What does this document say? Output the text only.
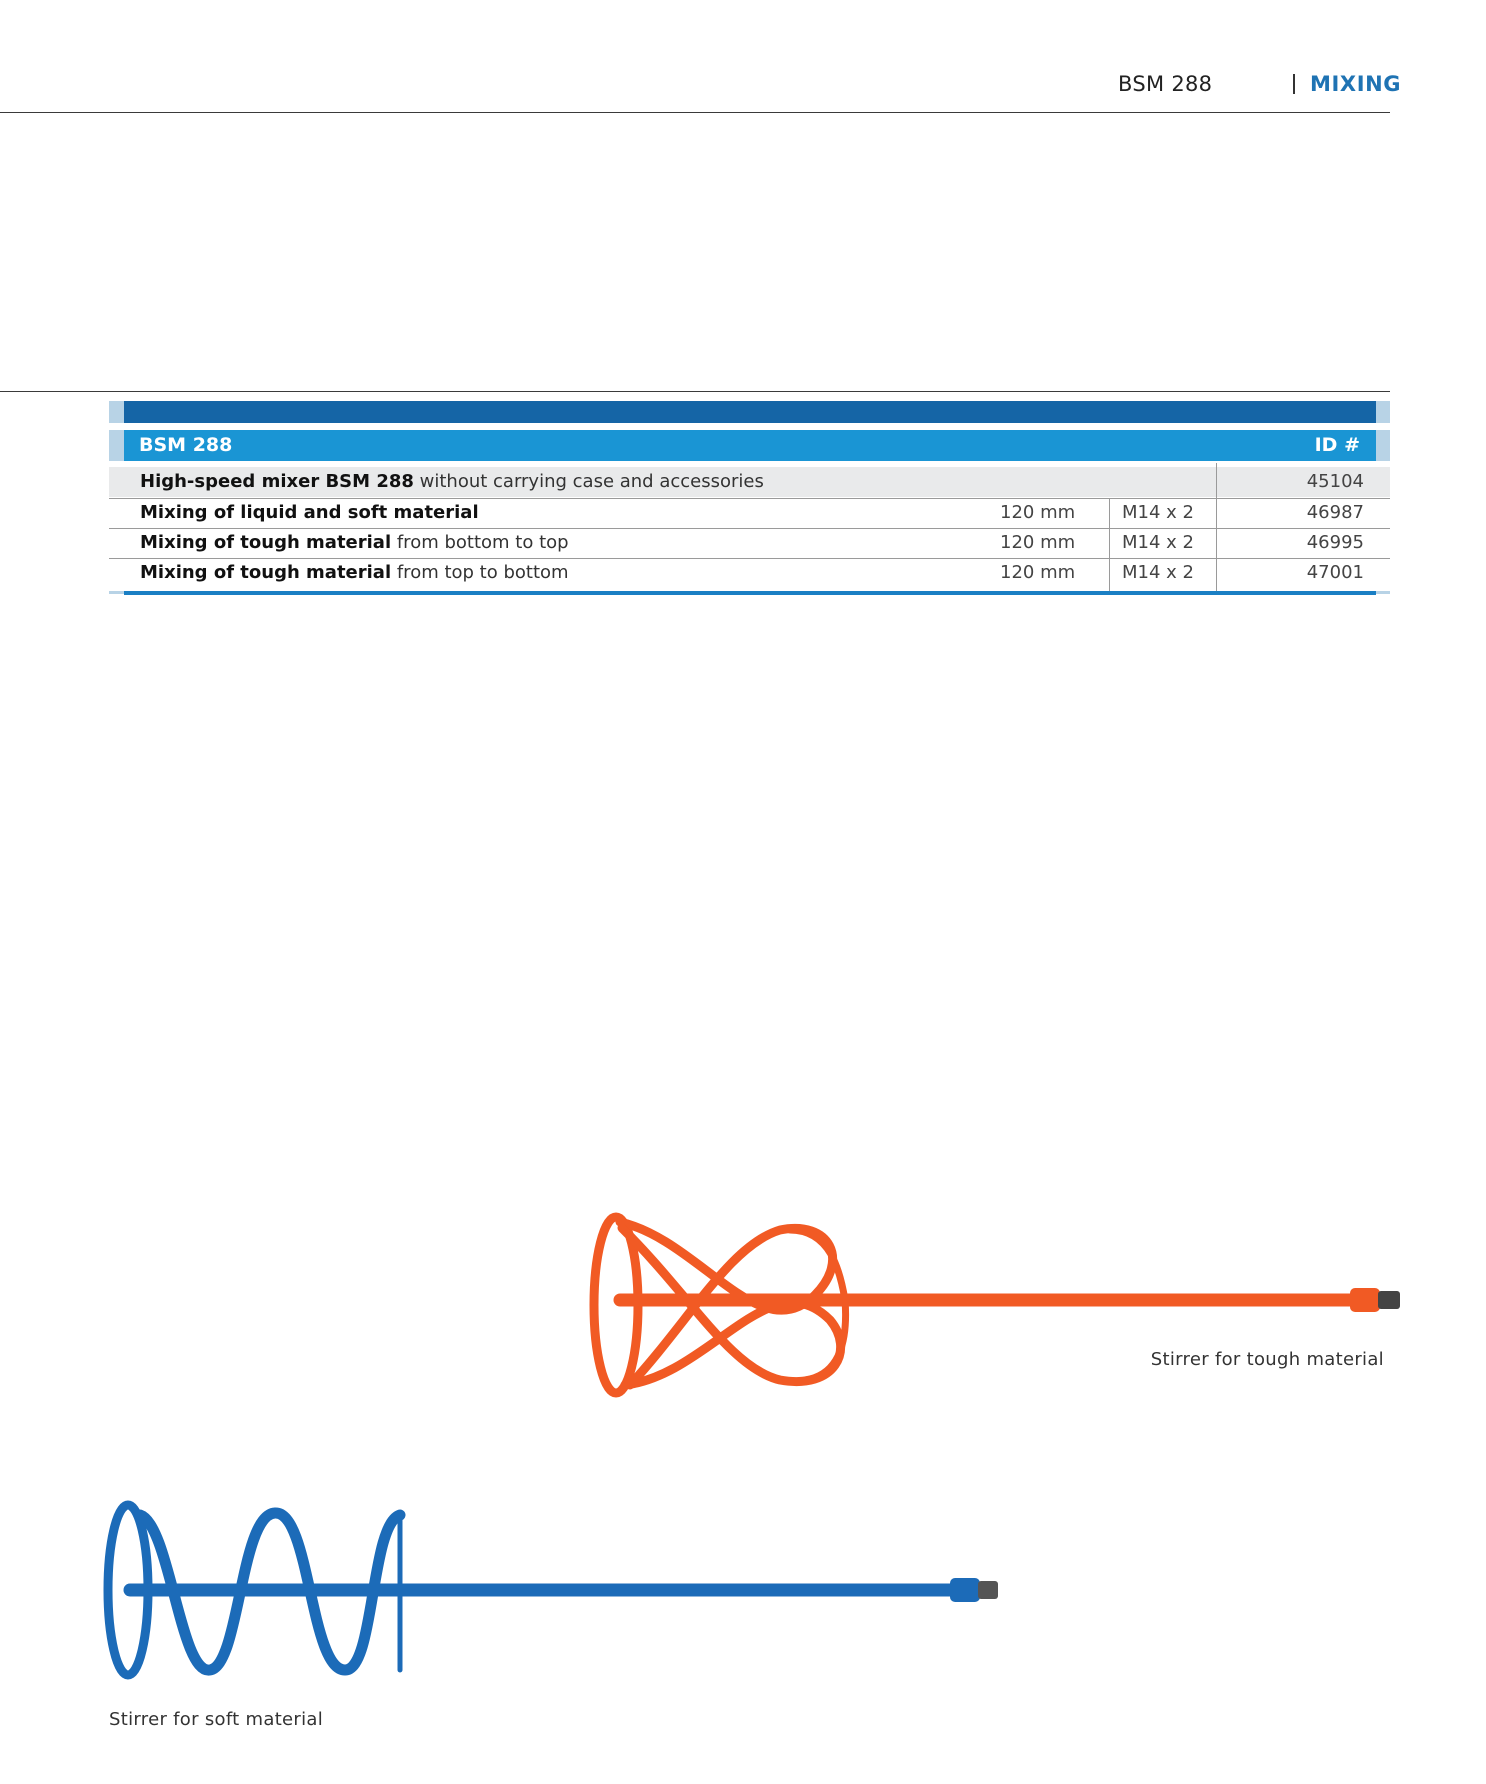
BSM 288	MIXING
BSM 288	ID #
High-speed mixer BSM 288 without carrying case and accessories	45104
Mixing of liquid and soft material	120 mm	M14 x 2	46987
Mixing of tough material from bottom to top	120 mm	M14 x 2	46995
Mixing of tough material from top to bottom	120 mm	M14 x 2	47001
Stirrer for tough material
Stirrer for soft material
